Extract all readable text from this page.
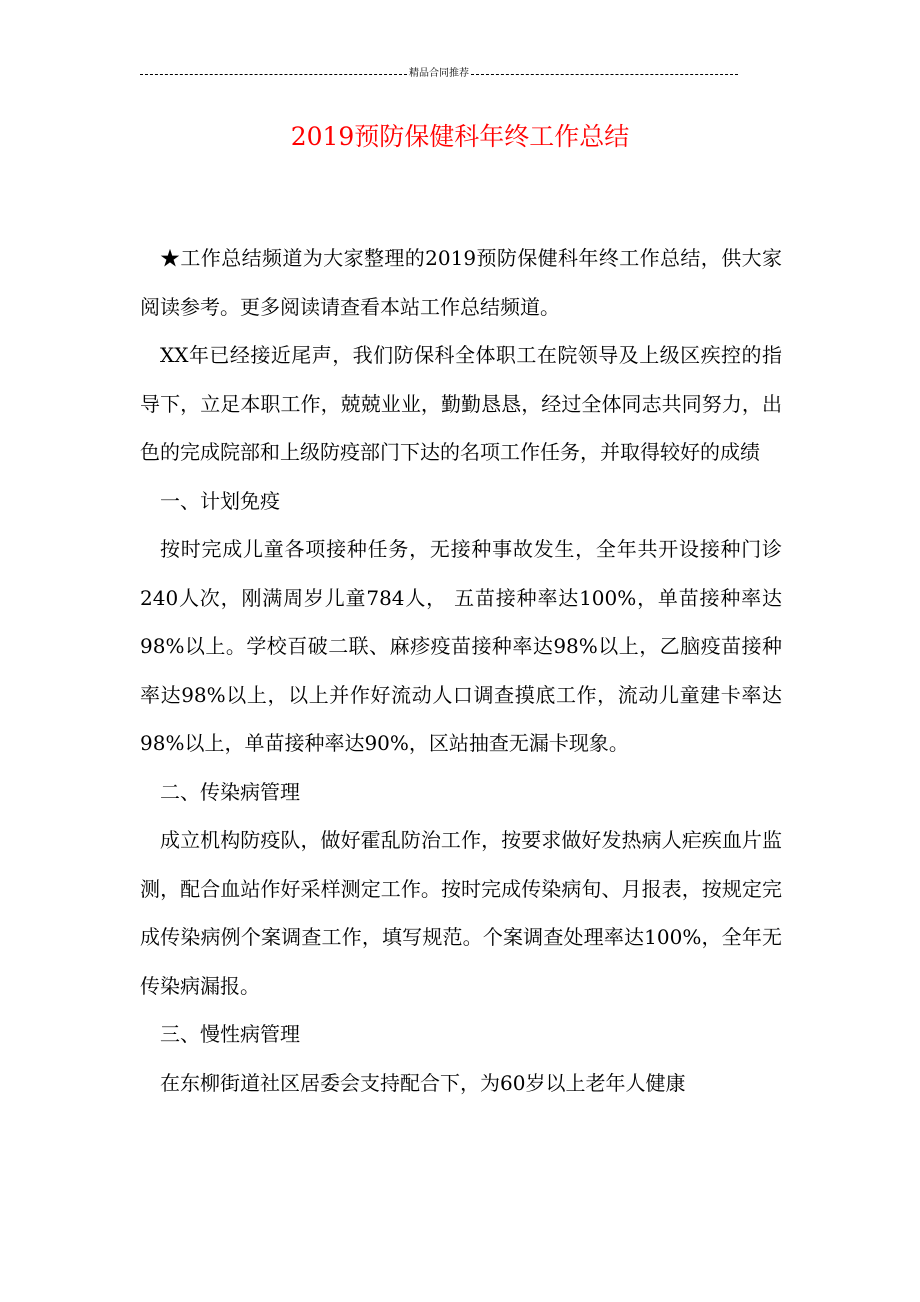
精品合同推荐
2019预防保健科年终工作总结

★工作总结频道为大家整理的2019预防保健科年终工作总结，供大家阅读参考。更多阅读请查看本站工作总结频道。

XX年已经接近尾声，我们防保科全体职工在院领导及上级区疾控的指导下，立足本职工作，兢兢业业，勤勤恳恳，经过全体同志共同努力，出色的完成院部和上级防疫部门下达的名项工作任务，并取得较好的成绩

一、计划免疫

按时完成儿童各项接种任务，无接种事故发生，全年共开设接种门诊240人次，刚满周岁儿童784人， 五苗接种率达100%，单苗接种率达98%以上。学校百破二联、麻疹疫苗接种率达98%以上，乙脑疫苗接种率达98%以上，以上并作好流动人口调查摸底工作，流动儿童建卡率达98%以上，单苗接种率达90%，区站抽查无漏卡现象。

二、传染病管理

成立机构防疫队，做好霍乱防治工作，按要求做好发热病人疟疾血片监测，配合血站作好采样测定工作。按时完成传染病旬、月报表，按规定完成传染病例个案调查工作，填写规范。个案调查处理率达100%，全年无传染病漏报。

三、慢性病管理

在东柳街道社区居委会支持配合下，为60岁以上老年人健康
